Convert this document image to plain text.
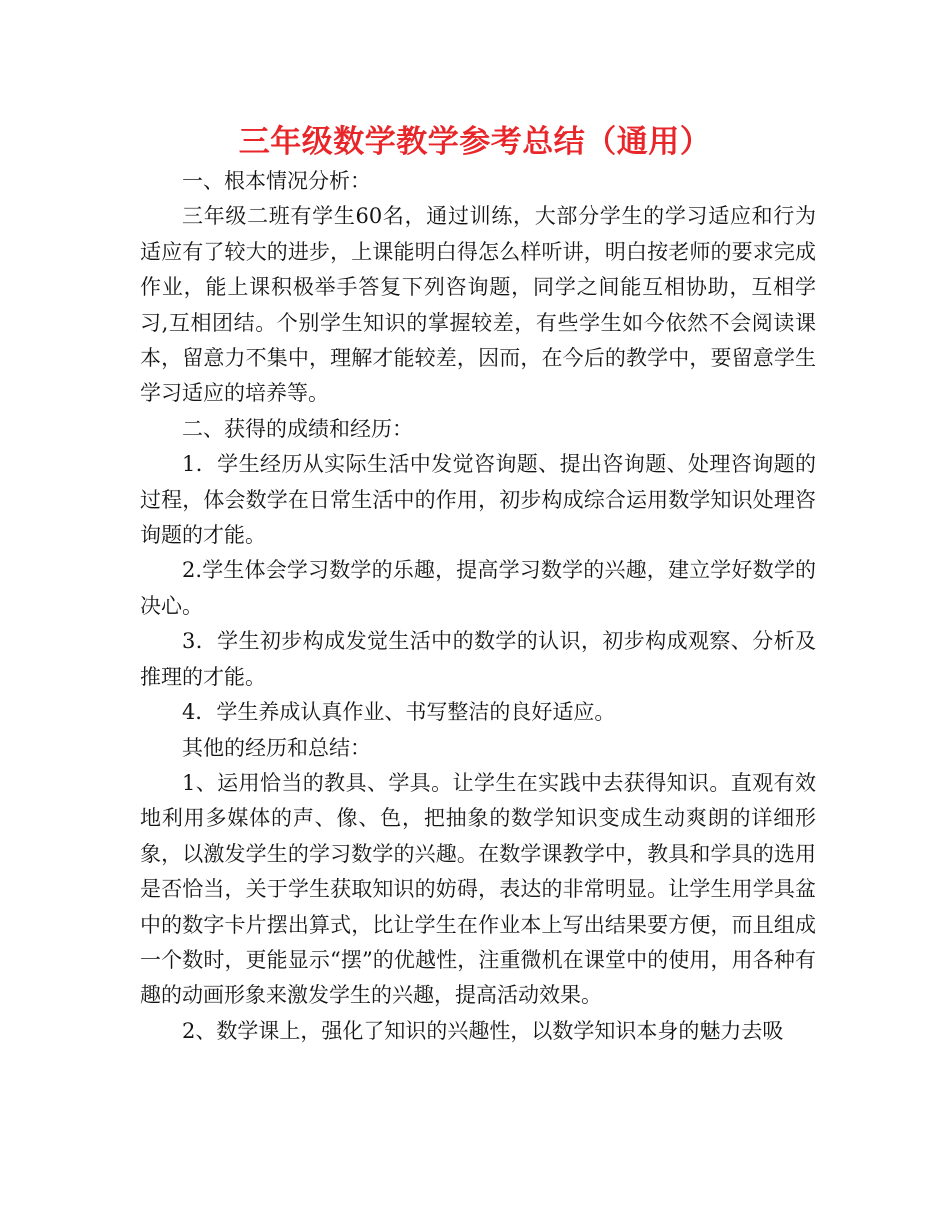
三年级数学教学参考总结（通用）

一、根本情况分析：

三年级二班有学生60名，通过训练，大部分学生的学习适应和行为适应有了较大的进步，上课能明白得怎么样听讲，明白按老师的要求完成作业，能上课积极举手答复下列咨询题，同学之间能互相协助，互相学习,互相团结。个别学生知识的掌握较差，有些学生如今依然不会阅读课本，留意力不集中，理解才能较差，因而，在今后的教学中，要留意学生学习适应的培养等。

二、获得的成绩和经历：

1．学生经历从实际生活中发觉咨询题、提出咨询题、处理咨询题的过程，体会数学在日常生活中的作用，初步构成综合运用数学知识处理咨询题的才能。

2.学生体会学习数学的乐趣，提高学习数学的兴趣，建立学好数学的决心。

3．学生初步构成发觉生活中的数学的认识，初步构成观察、分析及推理的才能。

4．学生养成认真作业、书写整洁的良好适应。

其他的经历和总结：

1、运用恰当的教具、学具。让学生在实践中去获得知识。直观有效地利用多媒体的声、像、色，把抽象的数学知识变成生动爽朗的详细形象，以激发学生的学习数学的兴趣。在数学课教学中，教具和学具的选用是否恰当，关于学生获取知识的妨碍，表达的非常明显。让学生用学具盆中的数字卡片摆出算式，比让学生在作业本上写出结果要方便，而且组成一个数时，更能显示“摆”的优越性，注重微机在课堂中的使用，用各种有趣的动画形象来激发学生的兴趣，提高活动效果。

2、数学课上，强化了知识的兴趣性，以数学知识本身的魅力去吸
